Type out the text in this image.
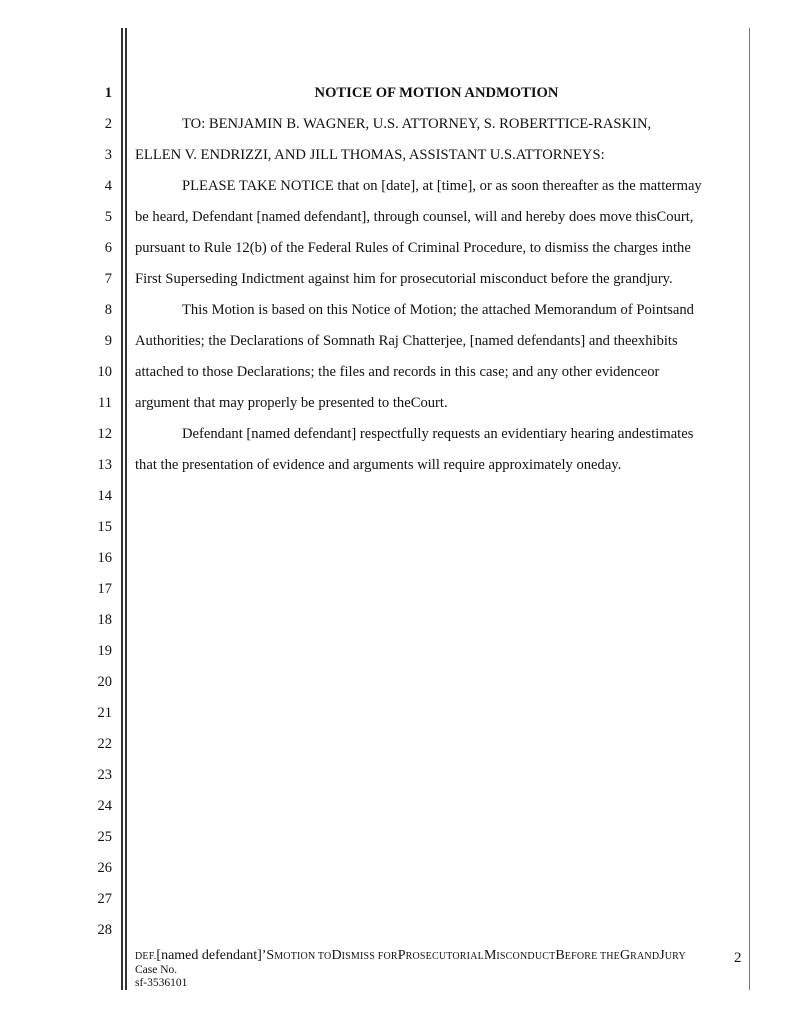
1
2
3
4
5
6
7
8
9
10
11
12
13
14
15
16
17
18
19
20
21
22
23
24
25
26
27
28
NOTICE OF MOTION ANDMOTION
TO: BENJAMIN B. WAGNER, U.S. ATTORNEY, S. ROBERTTICE-RASKIN,
ELLEN V. ENDRIZZI, AND JILL THOMAS, ASSISTANT U.S.ATTORNEYS:
PLEASE TAKE NOTICE that on [date], at [time], or as soon thereafter as the mattermay
be heard, Defendant [named defendant], through counsel, will and hereby does move thisCourt,
pursuant to Rule 12(b) of the Federal Rules of Criminal Procedure, to dismiss the charges inthe
First Superseding Indictment against him for prosecutorial misconduct before the grandjury.
This Motion is based on this Notice of Motion; the attached Memorandum of Pointsand
Authorities; the Declarations of Somnath Raj Chatterjee, [named defendants] and theexhibits
attached to those Declarations; the files and records in this case; and any other evidenceor
argument that may properly be presented to theCourt.
Defendant [named defendant] respectfully requests an evidentiary hearing andestimates
that the presentation of evidence and arguments will require approximately oneday.
DEF.[named defendant]’SMOTION TODISMISS FORPROSECUTORIALMISCONDUCTBEFORE THEGRANDJURY
Case No.
sf-3536101
2
